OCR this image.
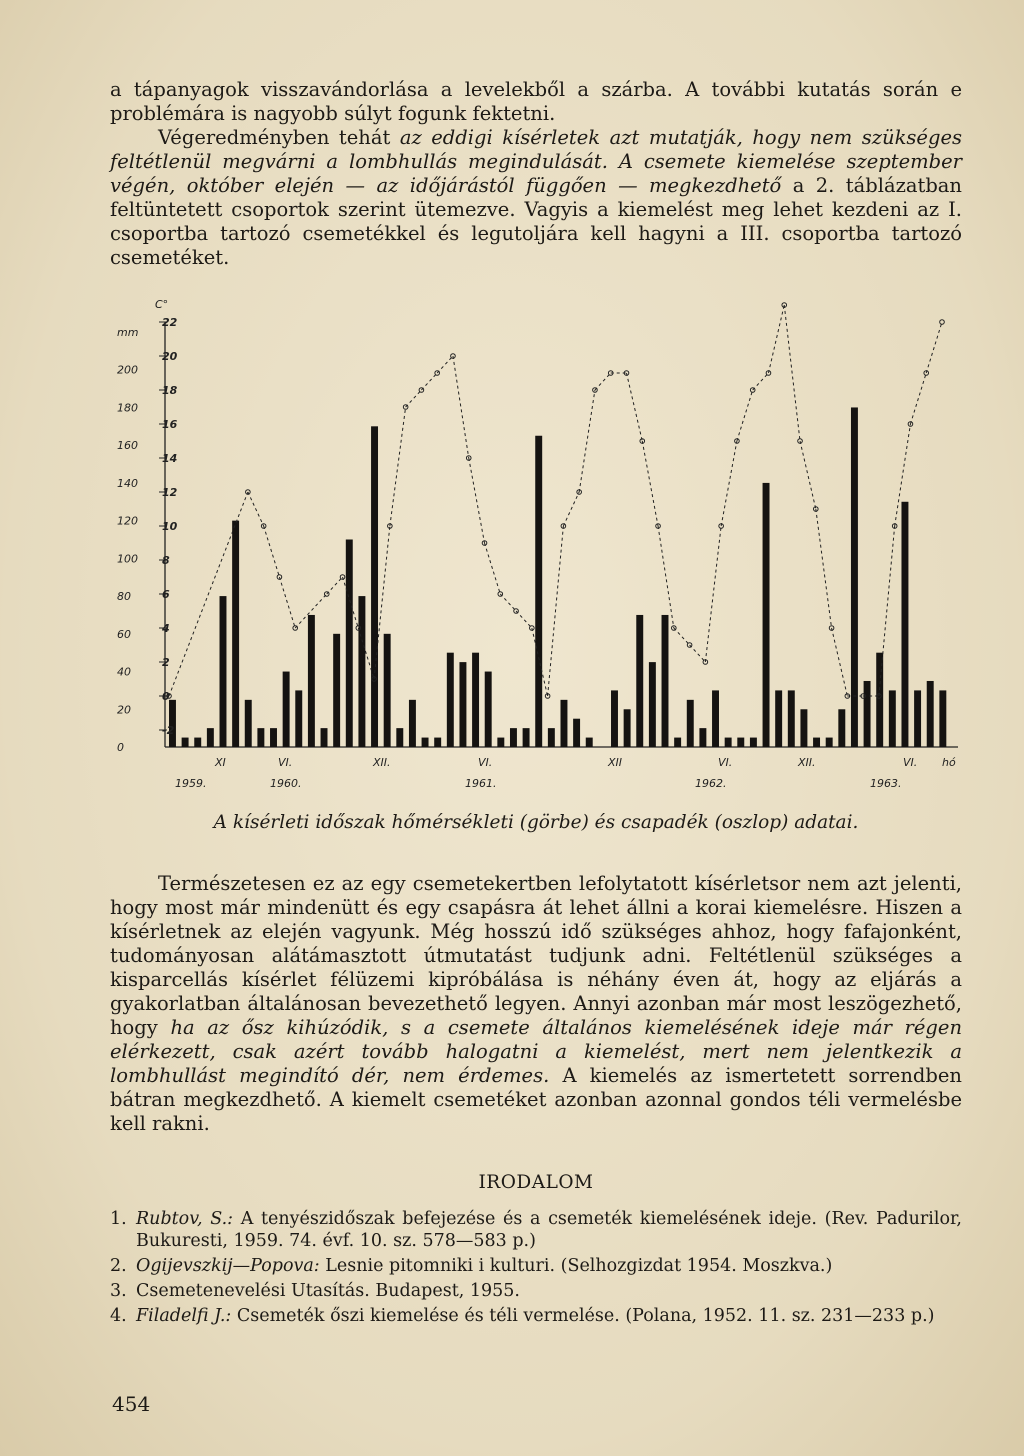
a tápanyagok visszavándorlása a levelekből a szárba. A további kutatás során e problémára is nagyobb súlyt fogunk fektetni.

Végeredményben tehát az eddigi kísérletek azt mutatják, hogy nem szükséges feltétlenül megvárni a lombhullás megindulását. A csemete kiemelése szeptember végén, október elején — az időjárástól függően — megkezdhető a 2. táblázatban feltüntetett csoportok szerint ütemezve. Vagyis a kiemelést meg lehet kezdeni az I. csoportba tartozó csemetékkel és legutoljára kell hagyni a III. csoportba tartozó csemetéket.

22
20
18
16
14
12
10
8
6
4
2
0
-2
C°
200
180
160
140
120
100
80
60
40
20
0
mm
XI	VI.	XII.	VI.	XII	VI.	XII.	VI.
1959.	1960.	1961.	1962.	1963.
hó
A kísérleti időszak hőmérsékleti (görbe) és csapadék (oszlop) adatai.

Természetesen ez az egy csemetekertben lefolytatott kísérletsor nem azt jelenti, hogy most már mindenütt és egy csapásra át lehet állni a korai kiemelésre. Hiszen a kísérletnek az elején vagyunk. Még hosszú idő szükséges ahhoz, hogy fafajonként, tudományosan alátámasztott útmutatást tudjunk adni. Feltétlenül szükséges a kisparcellás kísérlet félüzemi kipróbálása is néhány éven át, hogy az eljárás a gyakorlatban általánosan bevezethető legyen. Annyi azonban már most leszögezhető, hogy ha az ősz kihúzódik, s a csemete általános kiemelésének ideje már régen elérkezett, csak azért tovább halogatni a kiemelést, mert nem jelentkezik a lombhullást megindító dér, nem érdemes. A kiemelés az ismertetett sorrendben bátran megkezdhető. A kiemelt csemetéket azonban azonnal gondos téli vermelésbe kell rakni.

IRODALOM
1. Rubtov, S.: A tenyészidőszak befejezése és a csemeték kiemelésének ideje. (Rev. Padurilor, Bukuresti, 1959. 74. évf. 10. sz. 578—583 p.)
2. Ogijevszkij—Popova: Lesnie pitomniki i kulturi. (Selhozgizdat 1954. Moszkva.)
3. Csemetenevelési Utasítás. Budapest, 1955.
4. Filadelfi J.: Csemeték őszi kiemelése és téli vermelése. (Polana, 1952. 11. sz. 231—233 p.)
454
